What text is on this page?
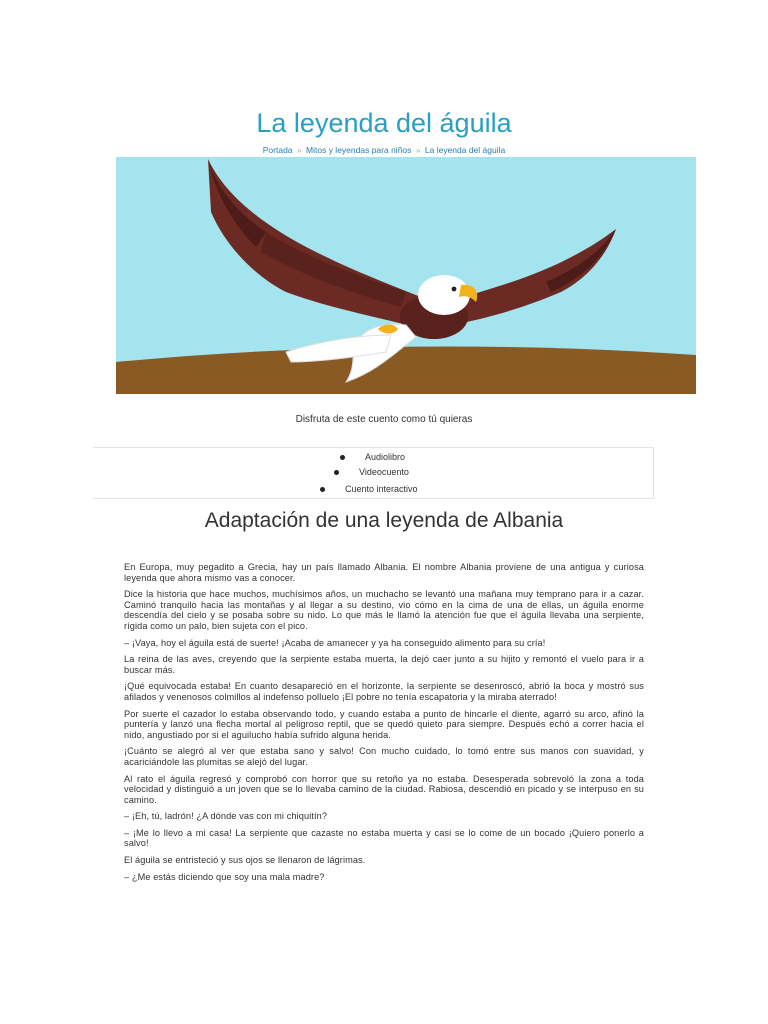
La leyenda del águila
Portada » Mitos y leyendas para niños » La leyenda del águila
Disfruta de este cuento como tú quieras
Audiolibro
Videocuento
Cuento interactivo
Adaptación de una leyenda de Albania

En Europa, muy pegadito a Grecia, hay un país llamado Albania. El nombre Albania proviene de una antigua y curiosa leyenda que ahora mismo vas a conocer.

Dice la historia que hace muchos, muchísimos años, un muchacho se levantó una mañana muy temprano para ir a cazar. Caminó tranquilo hacia las montañas y al llegar a su destino, vio cómo en la cima de una de ellas, un águila enorme descendía del cielo y se posaba sobre su nido. Lo que más le llamó la atención fue que el águila llevaba una serpiente, rígida como un palo, bien sujeta con el pico.

– ¡Vaya, hoy el águila está de suerte! ¡Acaba de amanecer y ya ha conseguido alimento para su cría!

La reina de las aves, creyendo que la serpiente estaba muerta, la dejó caer junto a su hijito y remontó el vuelo para ir a buscar más.

¡Qué equivocada estaba! En cuanto desapareció en el horizonte, la serpiente se desenroscó, abrió la boca y mostró sus afilados y venenosos colmillos al indefenso polluelo ¡El pobre no tenía escapatoria y la miraba aterrado!

Por suerte el cazador lo estaba observando todo, y cuando estaba a punto de hincarle el diente, agarró su arco, afinó la puntería y lanzó una flecha mortal al peligroso reptil, que se quedó quieto para siempre. Después echó a correr hacia el nido, angustiado por si el aguilucho había sufrido alguna herida.

¡Cuánto se alegró al ver que estaba sano y salvo! Con mucho cuidado, lo tomó entre sus manos con suavidad, y acariciándole las plumitas se alejó del lugar.

Al rato el águila regresó y comprobó con horror que su retoño ya no estaba. Desesperada sobrevoló la zona a toda velocidad y distinguió a un joven que se lo llevaba camino de la ciudad. Rabiosa, descendió en picado y se interpuso en su camino.

– ¡Eh, tú, ladrón! ¿A dónde vas con mi chiquitín?

– ¡Me lo llevo a mi casa! La serpiente que cazaste no estaba muerta y casi se lo come de un bocado ¡Quiero ponerlo a salvo!

El águila se entristeció y sus ojos se llenaron de lágrimas.

– ¿Me estás diciendo que soy una mala madre?
